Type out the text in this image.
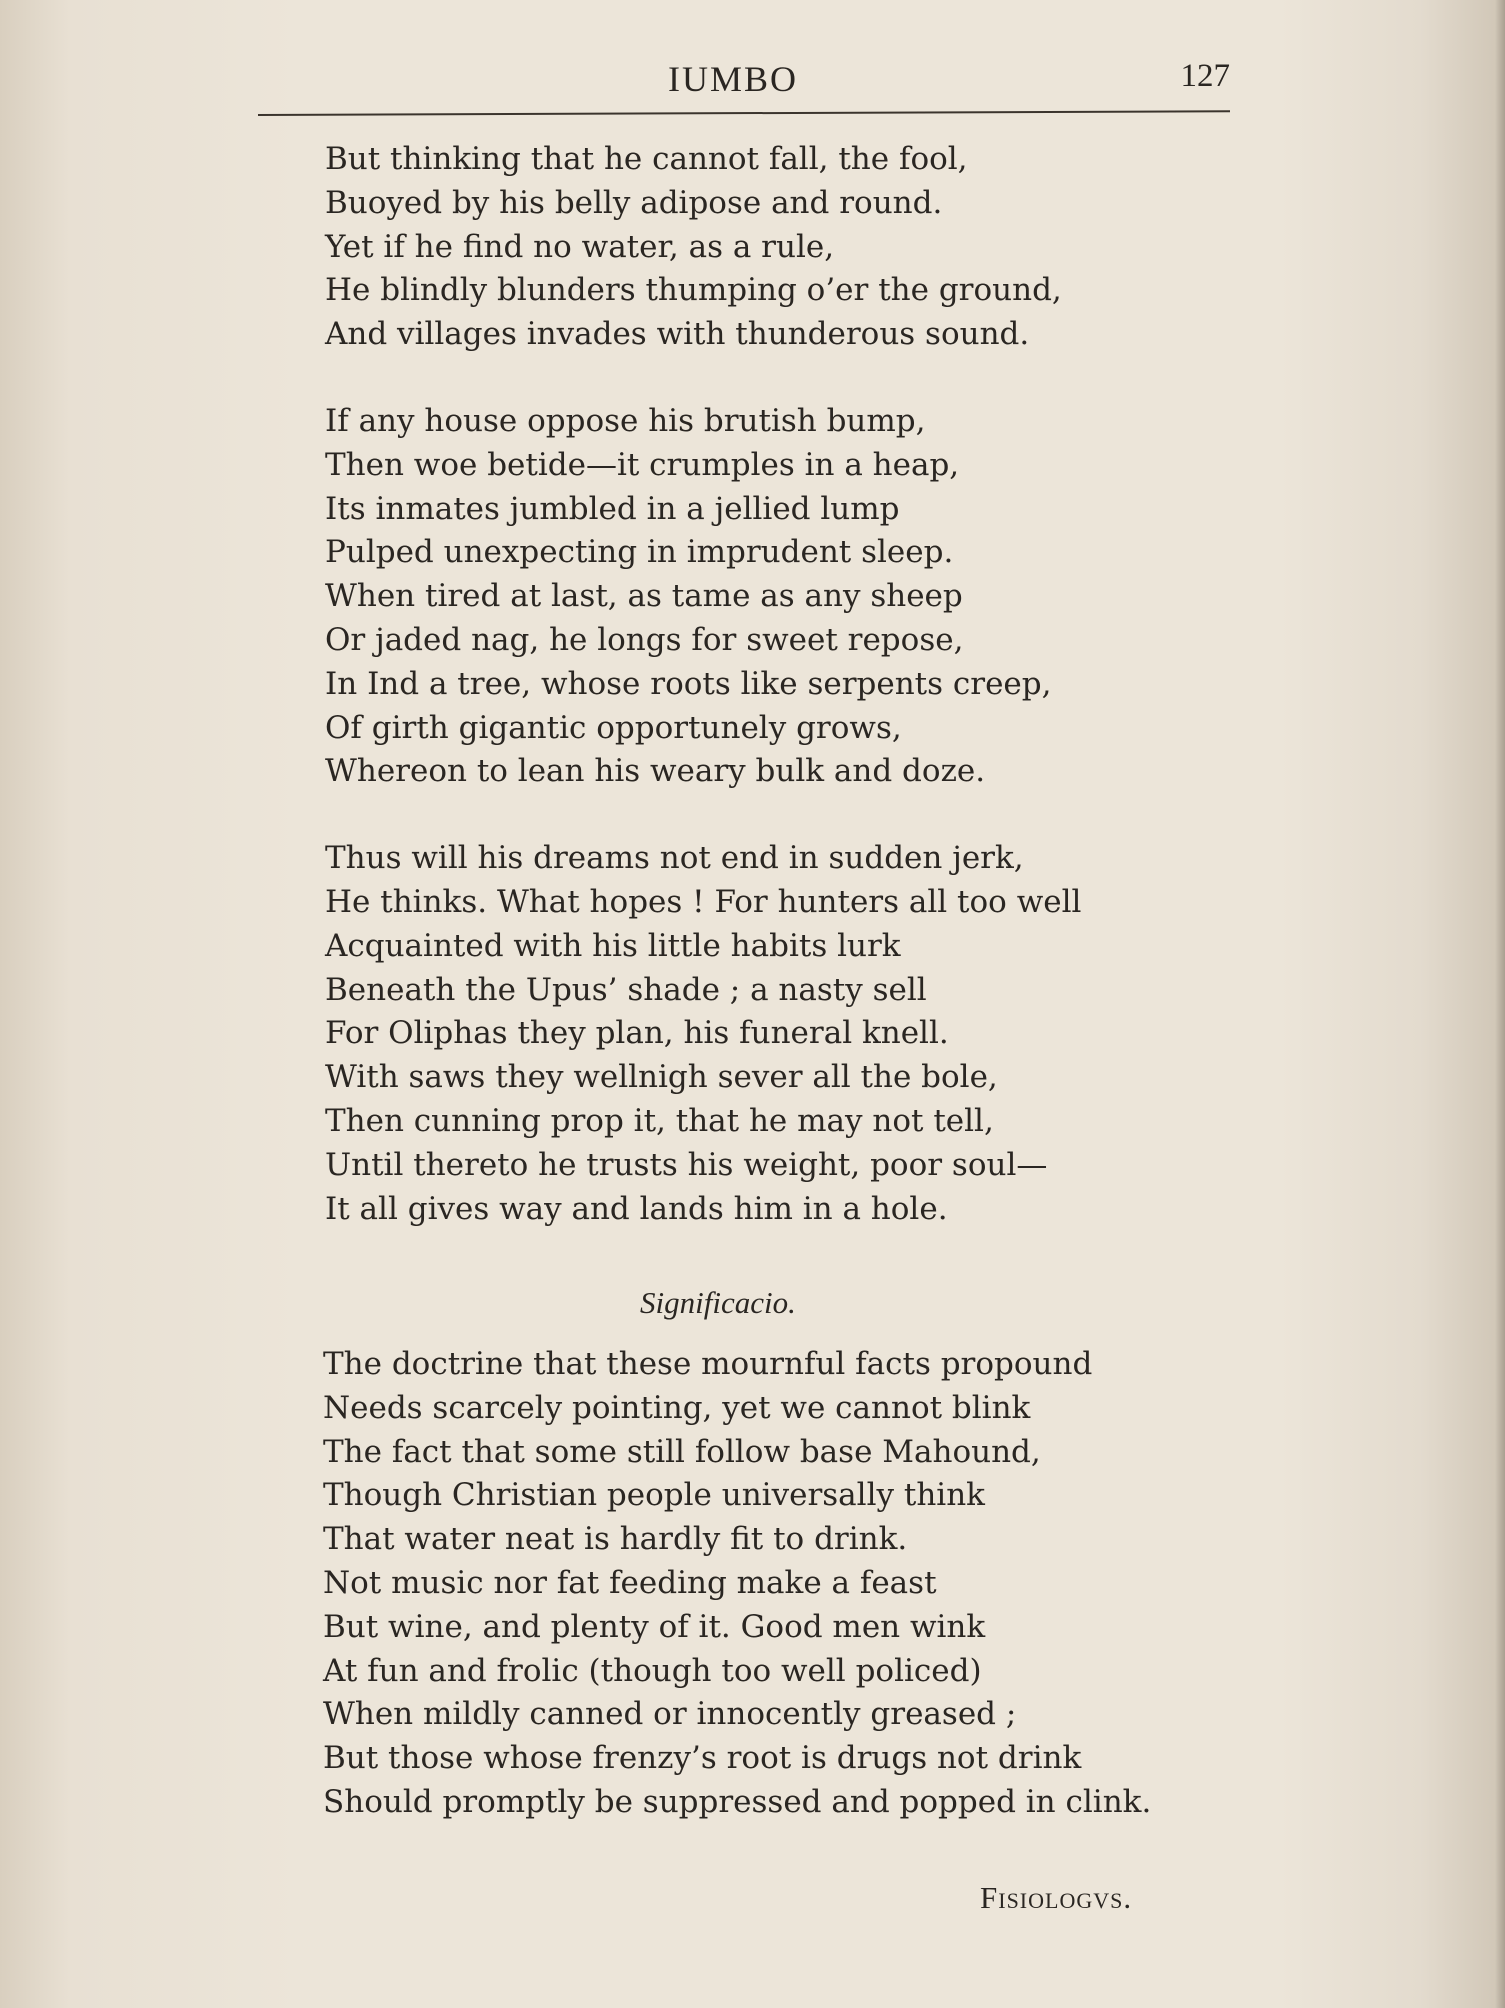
IUMBO	127

But thinking that he cannot fall, the fool,
Buoyed by his belly adipose and round.
Yet if he find no water, as a rule,
He blindly blunders thumping o’er the ground,
And villages invades with thunderous sound.

If any house oppose his brutish bump,
Then woe betide—it crumples in a heap,
Its inmates jumbled in a jellied lump
Pulped unexpecting in imprudent sleep.
When tired at last, as tame as any sheep
Or jaded nag, he longs for sweet repose,
In Ind a tree, whose roots like serpents creep,
Of girth gigantic opportunely grows,
Whereon to lean his weary bulk and doze.

Thus will his dreams not end in sudden jerk,
He thinks. What hopes ! For hunters all too well
Acquainted with his little habits lurk
Beneath the Upus’ shade ; a nasty sell
For Oliphas they plan, his funeral knell.
With saws they wellnigh sever all the bole,
Then cunning prop it, that he may not tell,
Until thereto he trusts his weight, poor soul—
It all gives way and lands him in a hole.

Significacio.
The doctrine that these mournful facts propound
Needs scarcely pointing, yet we cannot blink
The fact that some still follow base Mahound,
Though Christian people universally think
That water neat is hardly fit to drink.
Not music nor fat feeding make a feast
But wine, and plenty of it. Good men wink
At fun and frolic (though too well policed)
When mildly canned or innocently greased ;
But those whose frenzy’s root is drugs not drink
Should promptly be suppressed and popped in clink.
Fisiologvs.
